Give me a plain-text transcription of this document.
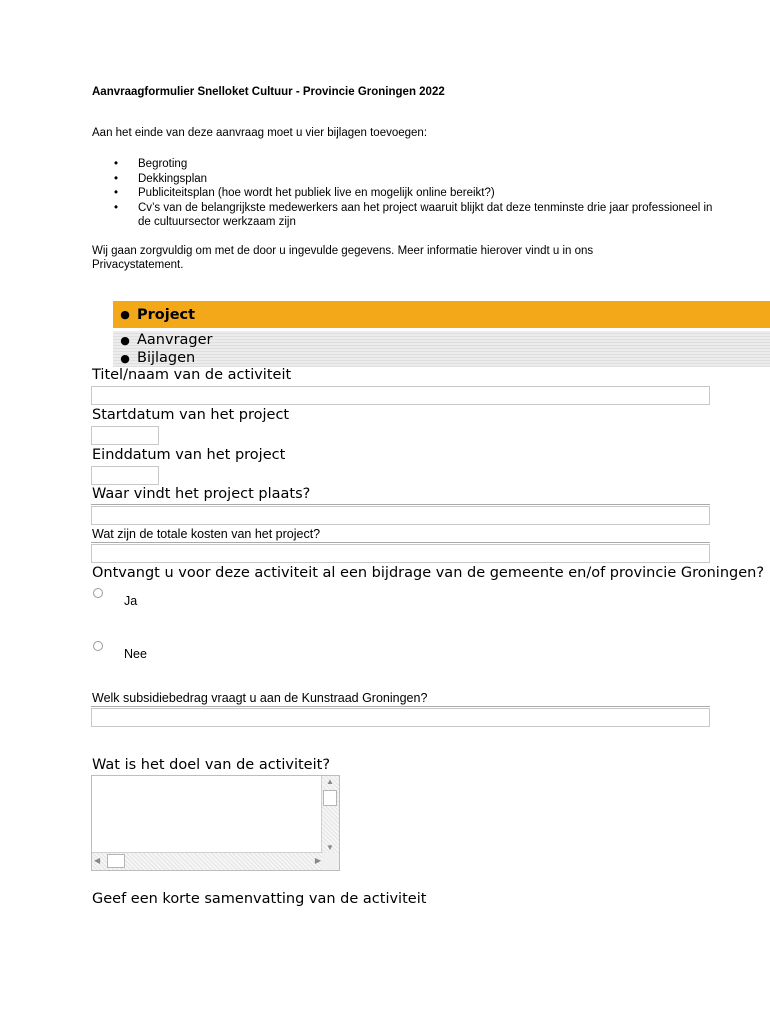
Aanvraagformulier Snelloket Cultuur - Provincie Groningen 2022
Aan het einde van deze aanvraag moet u vier bijlagen toevoegen:
• Begroting
• Dekkingsplan
• Publiciteitsplan (hoe wordt het publiek live en mogelijk online bereikt?)
• Cv’s van de belangrijkste medewerkers aan het project waaruit blijkt dat deze tenminste drie jaar professioneel in de cultuursector werkzaam zijn
Wij gaan zorgvuldig om met de door u ingevulde gegevens. Meer informatie hierover vindt u in ons Privacystatement.
● Project
● Aanvrager
● Bijlagen
Titel/naam van de activiteit
Startdatum van het project
Einddatum van het project
Waar vindt het project plaats?
Wat zijn de totale kosten van het project?
Ontvangt u voor deze activiteit al een bijdrage van de gemeente en/of provincie Groningen?
Ja
Nee
Welk subsidiebedrag vraagt u aan de Kunstraad Groningen?
Wat is het doel van de activiteit?
▲
▼
◀	▶
Geef een korte samenvatting van de activiteit
